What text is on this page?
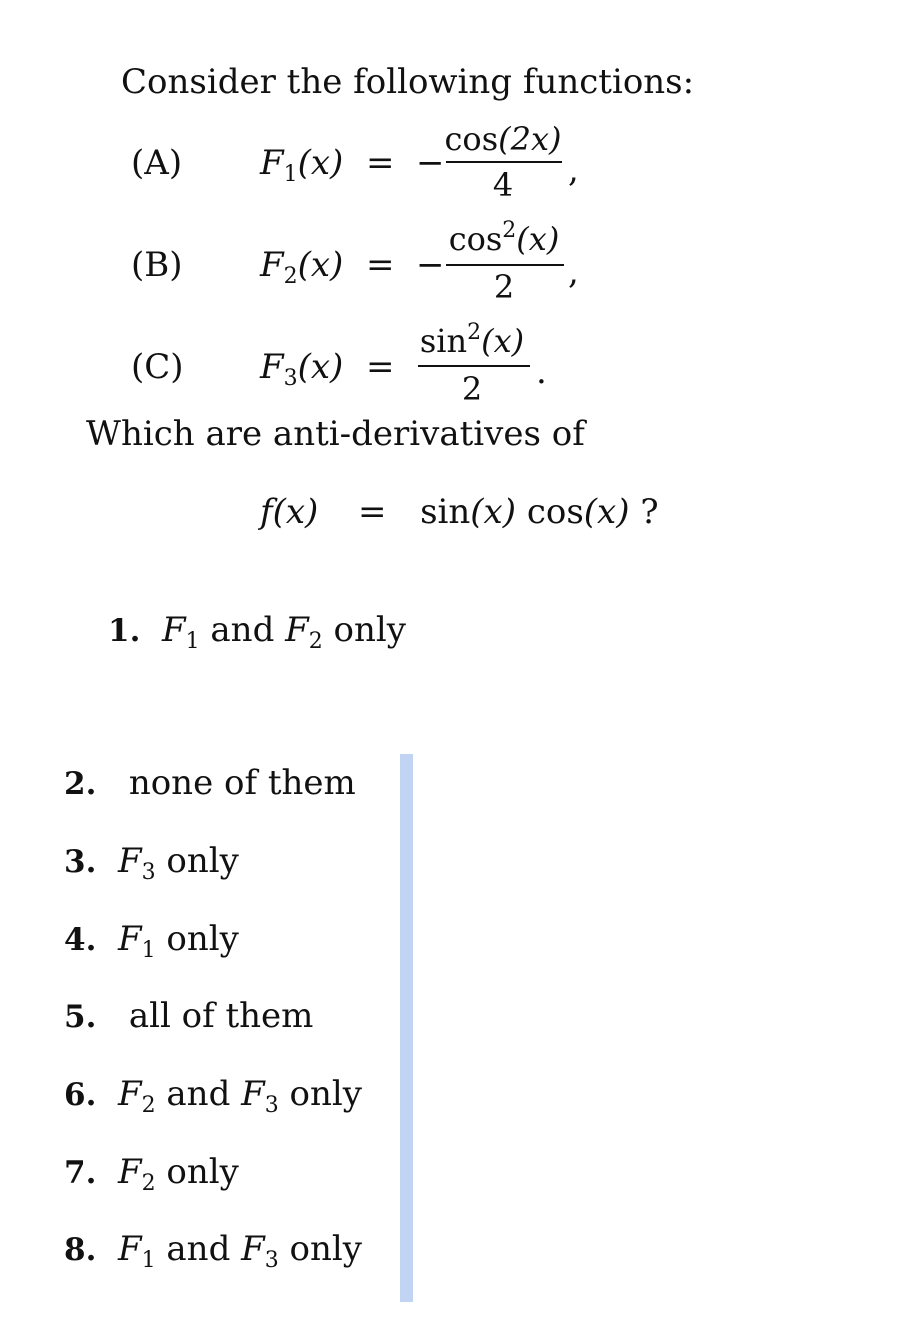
Consider the following functions:
(A) $F_1(x)$ = −
cos(2x)
4	,
(B) $F_2(x)$ = −
$\cos^2(x)$
2	,
(C) $F_3(x)$ =
$\sin^2(x)$
2	.
Which are anti-derivatives of
f(x) = sin(x) cos(x) ?
1. $F_1$ and $F_2$ only
2. none of them
3. $F_3$ only
4. $F_1$ only
5. all of them
6. $F_2$ and $F_3$ only
7. $F_2$ only
8. $F_1$ and $F_3$ only
